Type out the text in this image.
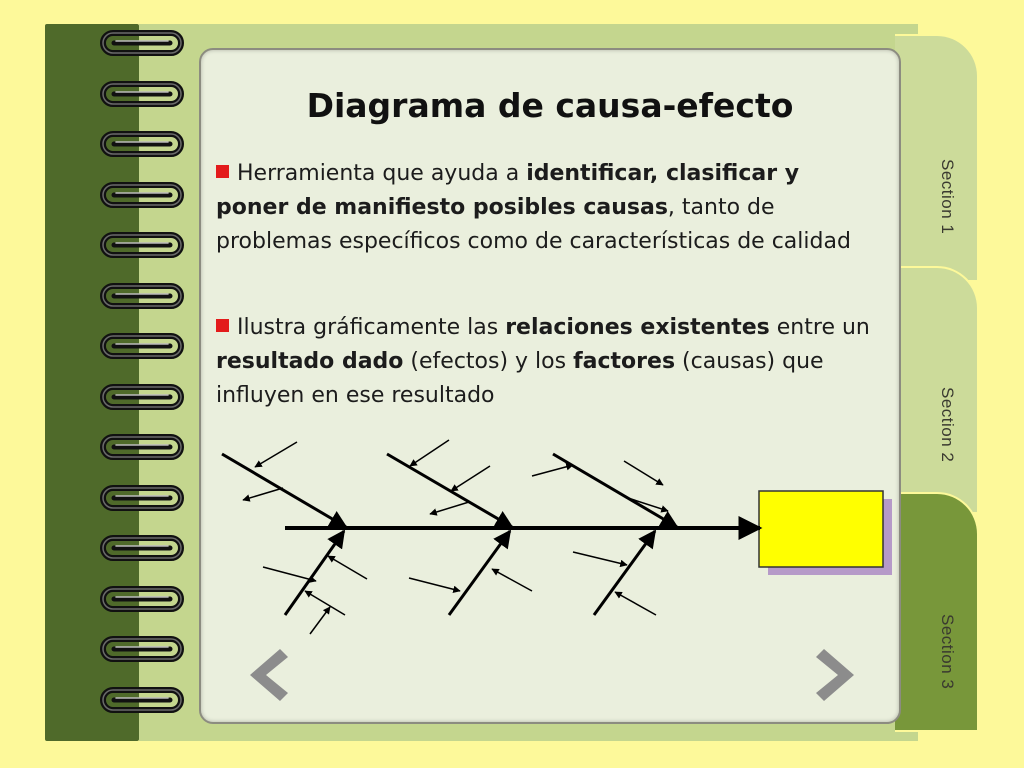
Section 1
Section 2
Section 3
Diagrama de causa-efecto

Herramienta que ayuda a identificar, clasificar y poner de manifiesto posibles causas, tanto de problemas específicos como de características de calidad

Ilustra gráficamente las relaciones existentes entre un resultado dado (efectos) y los factores (causas) que influyen en ese resultado
